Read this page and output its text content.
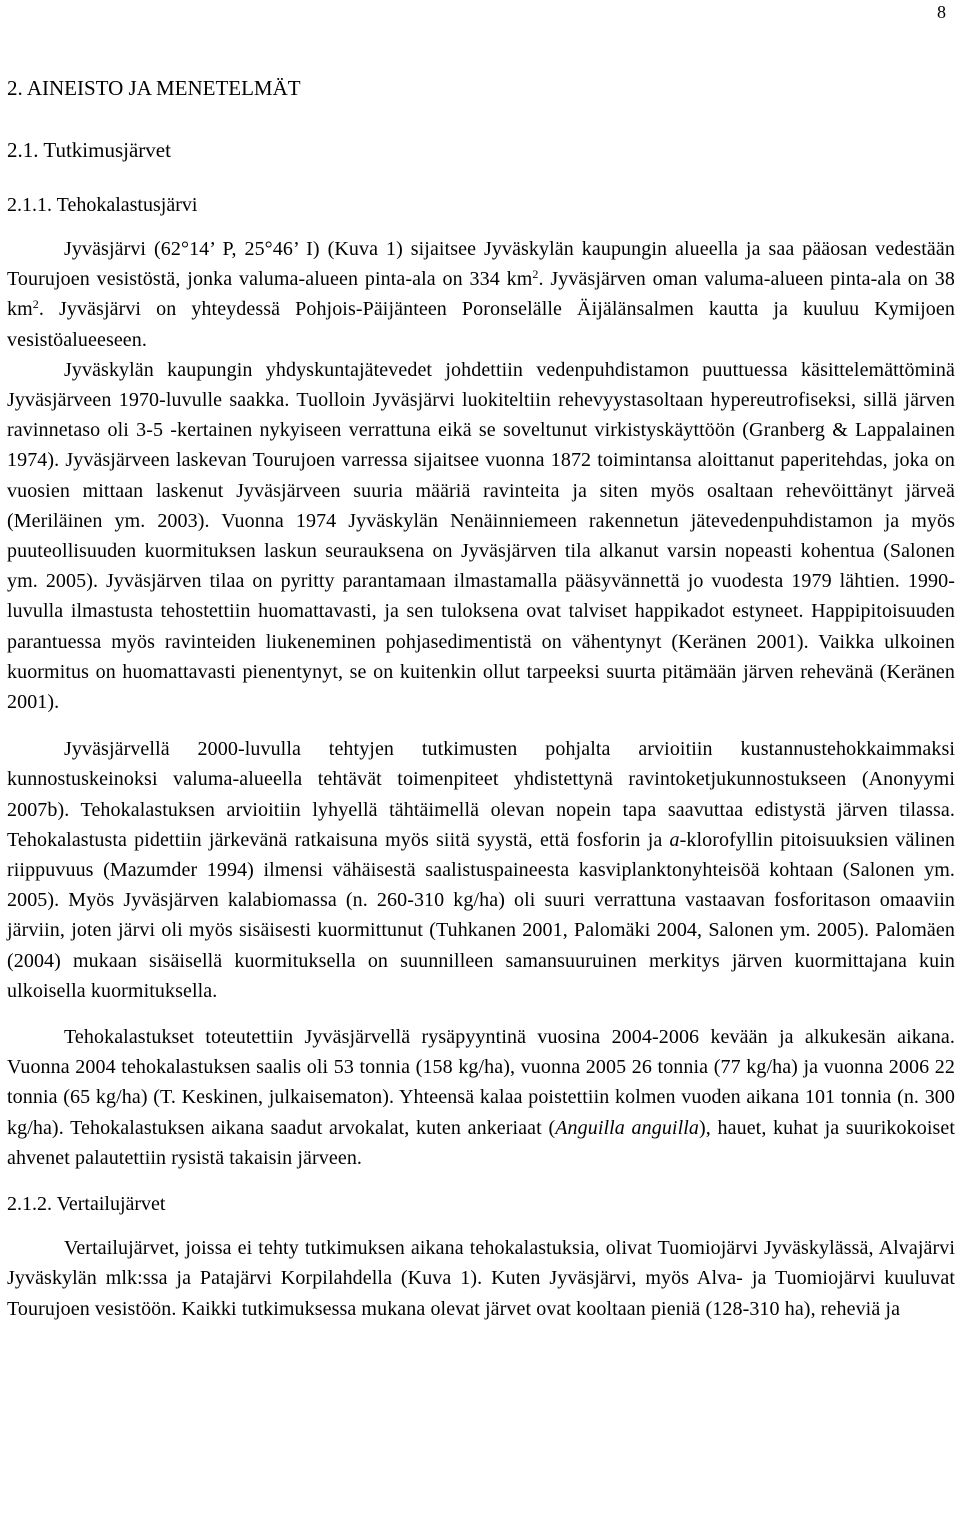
8
2. AINEISTO JA MENETELMÄT
2.1. Tutkimusjärvet
2.1.1. Tehokalastusjärvi

Jyväsjärvi (62°14’ P, 25°46’ I) (Kuva 1) sijaitsee Jyväskylän kaupungin alueella ja saa pääosan vedestään Tourujoen vesistöstä, jonka valuma-alueen pinta-ala on 334 $km^2$. Jyväsjärven oman valuma-alueen pinta-ala on 38 $km^2$. Jyväsjärvi on yhteydessä Pohjois-Päijänteen Poronselälle Äijälänsalmen kautta ja kuuluu Kymijoen vesistöalueeseen.

Jyväskylän kaupungin yhdyskuntajätevedet johdettiin vedenpuhdistamon puuttuessa käsittelemättöminä Jyväsjärveen 1970-luvulle saakka. Tuolloin Jyväsjärvi luokiteltiin rehevyystasoltaan hypereutrofiseksi, sillä järven ravinnetaso oli 3-5 -kertainen nykyiseen verrattuna eikä se soveltunut virkistyskäyttöön (Granberg & Lappalainen 1974). Jyväsjärveen laskevan Tourujoen varressa sijaitsee vuonna 1872 toimintansa aloittanut paperitehdas, joka on vuosien mittaan laskenut Jyväsjärveen suuria määriä ravinteita ja siten myös osaltaan rehevöittänyt järveä (Meriläinen ym. 2003). Vuonna 1974 Jyväskylän Nenäinniemeen rakennetun jätevedenpuhdistamon ja myös puuteollisuuden kuormituksen laskun seurauksena on Jyväsjärven tila alkanut varsin nopeasti kohentua (Salonen ym. 2005). Jyväsjärven tilaa on pyritty parantamaan ilmastamalla pääsyvännettä jo vuodesta 1979 lähtien. 1990-luvulla ilmastusta tehostettiin huomattavasti, ja sen tuloksena ovat talviset happikadot estyneet. Happipitoisuuden parantuessa myös ravinteiden liukeneminen pohjasedimentistä on vähentynyt (Keränen 2001). Vaikka ulkoinen kuormitus on huomattavasti pienentynyt, se on kuitenkin ollut tarpeeksi suurta pitämään järven rehevänä (Keränen 2001).

Jyväsjärvellä 2000-luvulla tehtyjen tutkimusten pohjalta arvioitiin kustannustehokkaimmaksi kunnostuskeinoksi valuma-alueella tehtävät toimenpiteet yhdistettynä ravintoketjukunnostukseen (Anonyymi 2007b). Tehokalastuksen arvioitiin lyhyellä tähtäimellä olevan nopein tapa saavuttaa edistystä järven tilassa. Tehokalastusta pidettiin järkevänä ratkaisuna myös siitä syystä, että fosforin ja a-klorofyllin pitoisuuksien välinen riippuvuus (Mazumder 1994) ilmensi vähäisestä saalistuspaineesta kasviplanktonyhteisöä kohtaan (Salonen ym. 2005). Myös Jyväsjärven kalabiomassa (n. 260-310 kg/ha) oli suuri verrattuna vastaavan fosforitason omaaviin järviin, joten järvi oli myös sisäisesti kuormittunut (Tuhkanen 2001, Palomäki 2004, Salonen ym. 2005). Palomäen (2004) mukaan sisäisellä kuormituksella on suunnilleen samansuuruinen merkitys järven kuormittajana kuin ulkoisella kuormituksella.

Tehokalastukset toteutettiin Jyväsjärvellä rysäpyyntinä vuosina 2004-2006 kevään ja alkukesän aikana. Vuonna 2004 tehokalastuksen saalis oli 53 tonnia (158 kg/ha), vuonna 2005 26 tonnia (77 kg/ha) ja vuonna 2006 22 tonnia (65 kg/ha) (T. Keskinen, julkaisematon). Yhteensä kalaa poistettiin kolmen vuoden aikana 101 tonnia (n. 300 kg/ha). Tehokalastuksen aikana saadut arvokalat, kuten ankeriaat (Anguilla anguilla), hauet, kuhat ja suurikokoiset ahvenet palautettiin rysistä takaisin järveen.

2.1.2. Vertailujärvet

Vertailujärvet, joissa ei tehty tutkimuksen aikana tehokalastuksia, olivat Tuomiojärvi Jyväskylässä, Alvajärvi Jyväskylän mlk:ssa ja Patajärvi Korpilahdella (Kuva 1). Kuten Jyväsjärvi, myös Alva- ja Tuomiojärvi kuuluvat Tourujoen vesistöön. Kaikki tutkimuksessa mukana olevat järvet ovat kooltaan pieniä (128-310 ha), reheviä ja
